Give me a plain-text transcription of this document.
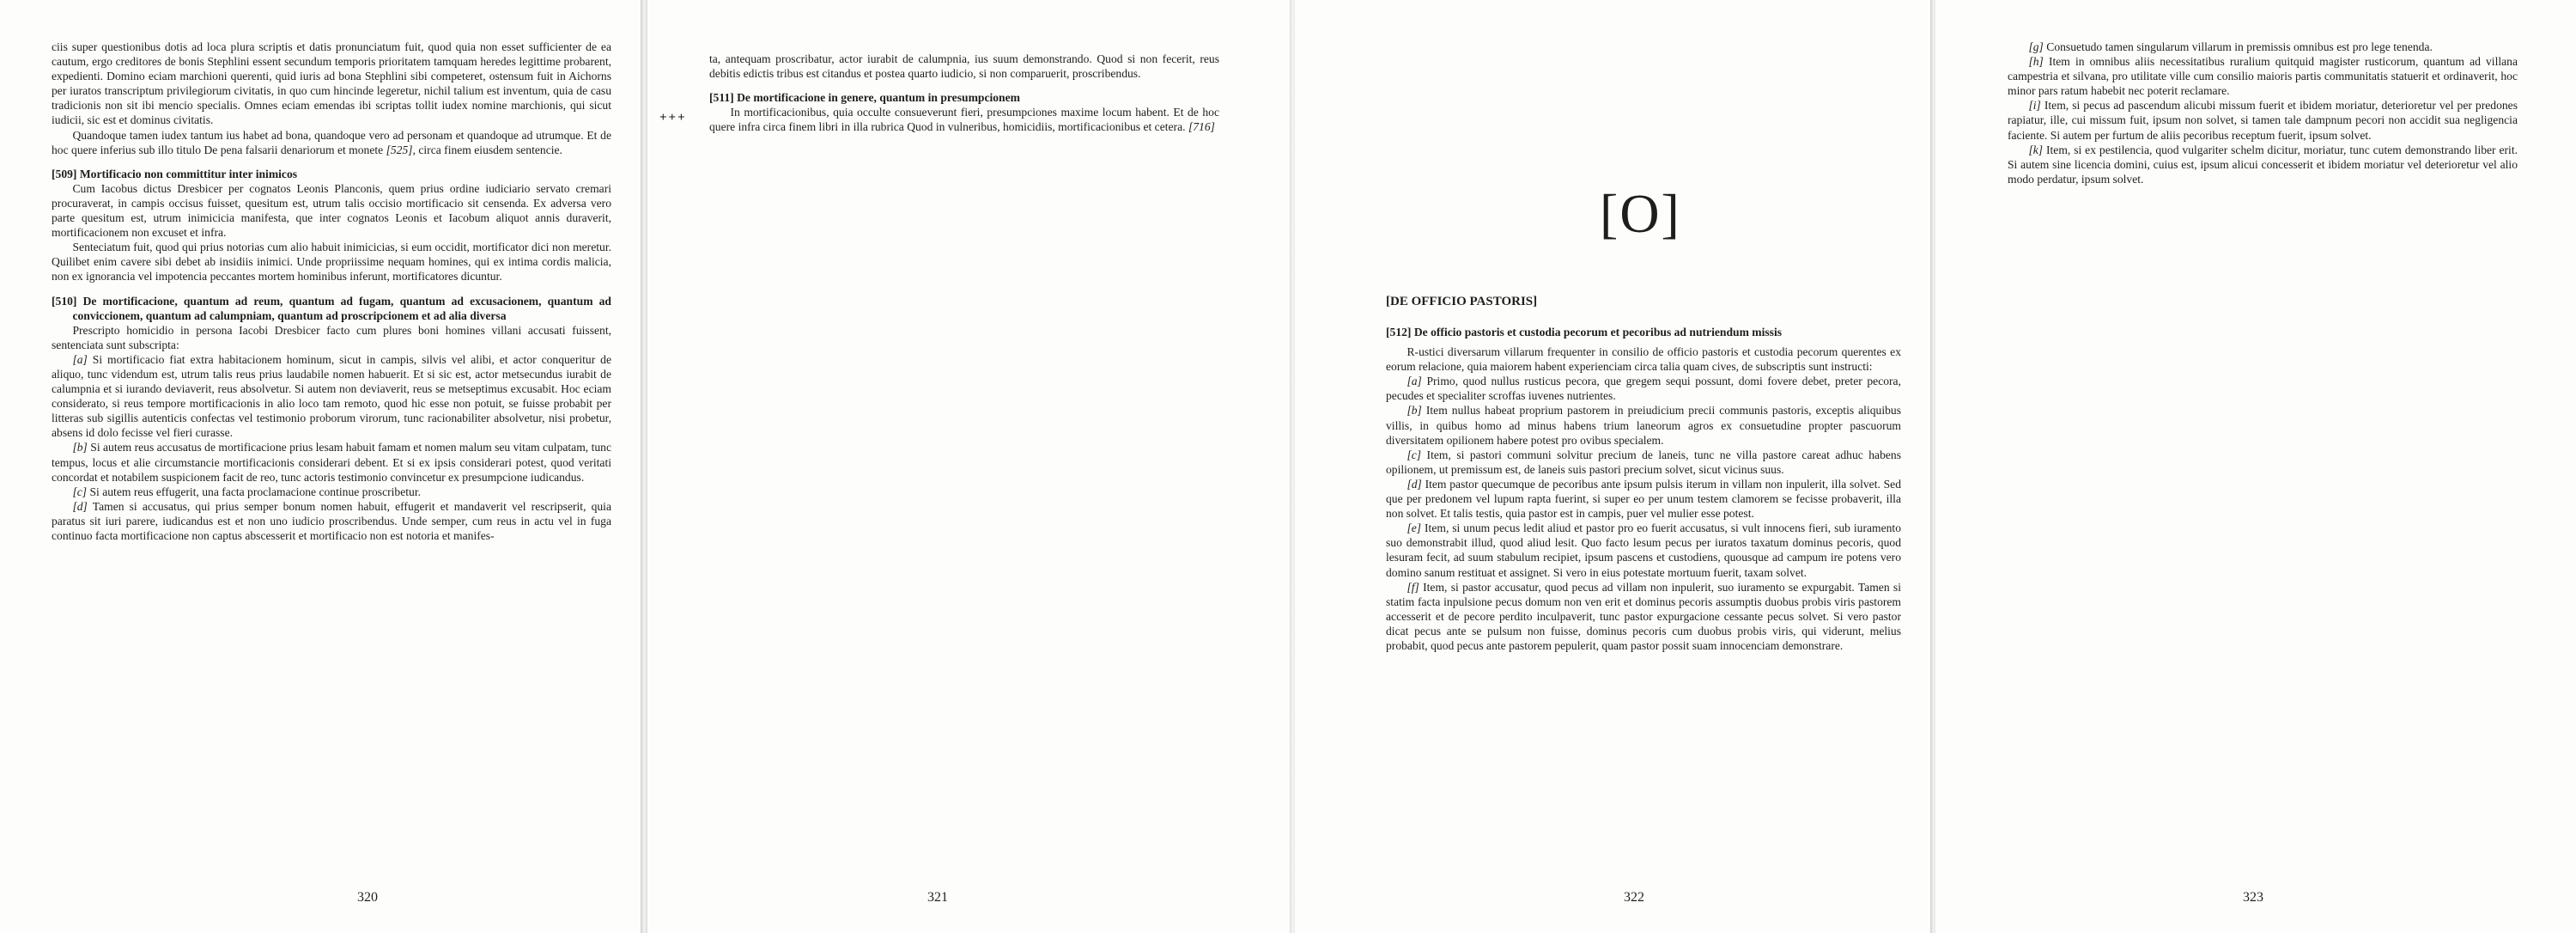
ciis super questionibus dotis ad loca plura scriptis et datis pronunciatum fuit, quod quia non esset sufficienter de ea cautum, ergo creditores de bonis Stephlini essent secundum temporis prioritatem tamquam heredes legittime probarent, expedienti. Domino eciam marchioni querenti, quid iuris ad bona Stephlini sibi competeret, ostensum fuit in Aichorns per iuratos transcriptum privilegiorum civitatis, in quo cum hincinde legeretur, nichil talium est inventum, quia de casu tradicionis non sit ibi mencio specialis. Omnes eciam emendas ibi scriptas tollit iudex nomine marchionis, qui sicut iudicii, sic est et dominus civitatis.

Quandoque tamen iudex tantum ius habet ad bona, quandoque vero ad personam et quandoque ad utrumque. Et de hoc quere inferius sub illo titulo De pena falsarii denariorum et monete [525], circa finem eiusdem sentencie.

[509] Mortificacio non committitur inter inimicos

Cum Iacobus dictus Dresbicer per cognatos Leonis Planconis, quem prius ordine iudiciario servato cremari procuraverat, in campis occisus fuisset, quesitum est, utrum talis occisio mortificacio sit censenda. Ex adversa vero parte quesitum est, utrum inimicicia manifesta, que inter cognatos Leonis et Iacobum aliquot annis duraverit, mortificacionem non excuset et infra.

Senteciatum fuit, quod qui prius notorias cum alio habuit inimicicias, si eum occidit, mortificator dici non meretur. Quilibet enim cavere sibi debet ab insidiis inimici. Unde propriissime nequam homines, qui ex intima cordis malicia, non ex ignorancia vel impotencia peccantes mortem hominibus inferunt, mortificatores dicuntur.

[510] De mortificacione, quantum ad reum, quantum ad fugam, quantum ad excusacionem, quantum ad conviccionem, quantum ad calumpniam, quantum ad proscripcionem et ad alia diversa

Prescripto homicidio in persona Iacobi Dresbicer facto cum plures boni homines villani accusati fuissent, sentenciata sunt subscripta:

[a] Si mortificacio fiat extra habitacionem hominum, sicut in campis, silvis vel alibi, et actor conqueritur de aliquo, tunc videndum est, utrum talis reus prius laudabile nomen habuerit. Et si sic est, actor metsecundus iurabit de calumpnia et si iurando deviaverit, reus absolvetur. Si autem non deviaverit, reus se metseptimus excusabit. Hoc eciam considerato, si reus tempore mortificacionis in alio loco tam remoto, quod hic esse non potuit, se fuisse probabit per litteras sub sigillis autenticis confectas vel testimonio proborum virorum, tunc racionabiliter absolvetur, nisi probetur, absens id dolo fecisse vel fieri curasse.

[b] Si autem reus accusatus de mortificacione prius lesam habuit famam et nomen malum seu vitam culpatam, tunc tempus, locus et alie circumstancie mortificacionis considerari debent. Et si ex ipsis considerari potest, quod veritati concordat et notabilem suspicionem facit de reo, tunc actoris testimonio convincetur ex presumpcione iudicandus.

[c] Si autem reus effugerit, una facta proclamacione continue proscribetur.

[d] Tamen si accusatus, qui prius semper bonum nomen habuit, effugerit et mandaverit vel rescripserit, quia paratus sit iuri parere, iudicandus est et non uno iudicio proscribendus. Unde semper, cum reus in actu vel in fuga continuo facta mortificacione non captus abscesserit et mortificacio non est notoria et manifes-

320
+++

ta, antequam proscribatur, actor iurabit de calumpnia, ius suum demonstrando. Quod si non fecerit, reus debitis edictis tribus est citandus et postea quarto iudicio, si non comparuerit, proscribendus.

[511] De mortificacione in genere, quantum in presumpcionem

In mortificacionibus, quia occulte consueverunt fieri, presumpciones maxime locum habent. Et de hoc quere infra circa finem libri in illa rubrica Quod in vulneribus, homicidiis, mortificacionibus et cetera. [716]

321
[O]
[DE OFFICIO PASTORIS]

[512] De officio pastoris et custodia pecorum et pecoribus ad nutriendum missis

R-ustici diversarum villarum frequenter in consilio de officio pastoris et custodia pecorum querentes ex eorum relacione, quia maiorem habent experienciam circa talia quam cives, de subscriptis sunt instructi:

[a] Primo, quod nullus rusticus pecora, que gregem sequi possunt, domi fovere debet, preter pecora, pecudes et specialiter scroffas iuvenes nutrientes.

[b] Item nullus habeat proprium pastorem in preiudicium precii communis pastoris, exceptis aliquibus villis, in quibus homo ad minus habens trium laneorum agros ex consuetudine propter pascuorum diversitatem opilionem habere potest pro ovibus specialem.

[c] Item, si pastori communi solvitur precium de laneis, tunc ne villa pastore careat adhuc habens opilionem, ut premissum est, de laneis suis pastori precium solvet, sicut vicinus suus.

[d] Item pastor quecumque de pecoribus ante ipsum pulsis iterum in villam non inpulerit, illa solvet. Sed que per predonem vel lupum rapta fuerint, si super eo per unum testem clamorem se fecisse probaverit, illa non solvet. Et talis testis, quia pastor est in campis, puer vel mulier esse potest.

[e] Item, si unum pecus ledit aliud et pastor pro eo fuerit accusatus, si vult innocens fieri, sub iuramento suo demonstrabit illud, quod aliud lesit. Quo facto lesum pecus per iuratos taxatum dominus pecoris, quod lesuram fecit, ad suum stabulum recipiet, ipsum pascens et custodiens, quousque ad campum ire potens vero domino sanum restituat et assignet. Si vero in eius potestate mortuum fuerit, taxam solvet.

[f] Item, si pastor accusatur, quod pecus ad villam non inpulerit, suo iuramento se expurgabit. Tamen si statim facta inpulsione pecus domum non ven erit et dominus pecoris assumptis duobus probis viris pastorem accesserit et de pecore perdito inculpaverit, tunc pastor expurgacione cessante pecus solvet. Si vero pastor dicat pecus ante se pulsum non fuisse, dominus pecoris cum duobus probis viris, qui viderunt, melius probabit, quod pecus ante pastorem pepulerit, quam pastor possit suam innocenciam demonstrare.

322

[g] Consuetudo tamen singularum villarum in premissis omnibus est pro lege tenenda.

[h] Item in omnibus aliis necessitatibus ruralium quitquid magister rusticorum, quantum ad villana campestria et silvana, pro utilitate ville cum consilio maioris partis communitatis statuerit et ordinaverit, hoc minor pars ratum habebit nec poterit reclamare.

[i] Item, si pecus ad pascendum alicubi missum fuerit et ibidem moriatur, deterioretur vel per predones rapiatur, ille, cui missum fuit, ipsum non solvet, si tamen tale dampnum pecori non accidit sua negligencia faciente. Si autem per furtum de aliis pecoribus receptum fuerit, ipsum solvet.

[k] Item, si ex pestilencia, quod vulgariter schelm dicitur, moriatur, tunc cutem demonstrando liber erit. Si autem sine licencia domini, cuius est, ipsum alicui concesserit et ibidem moriatur vel deterioretur vel alio modo perdatur, ipsum solvet.

323
